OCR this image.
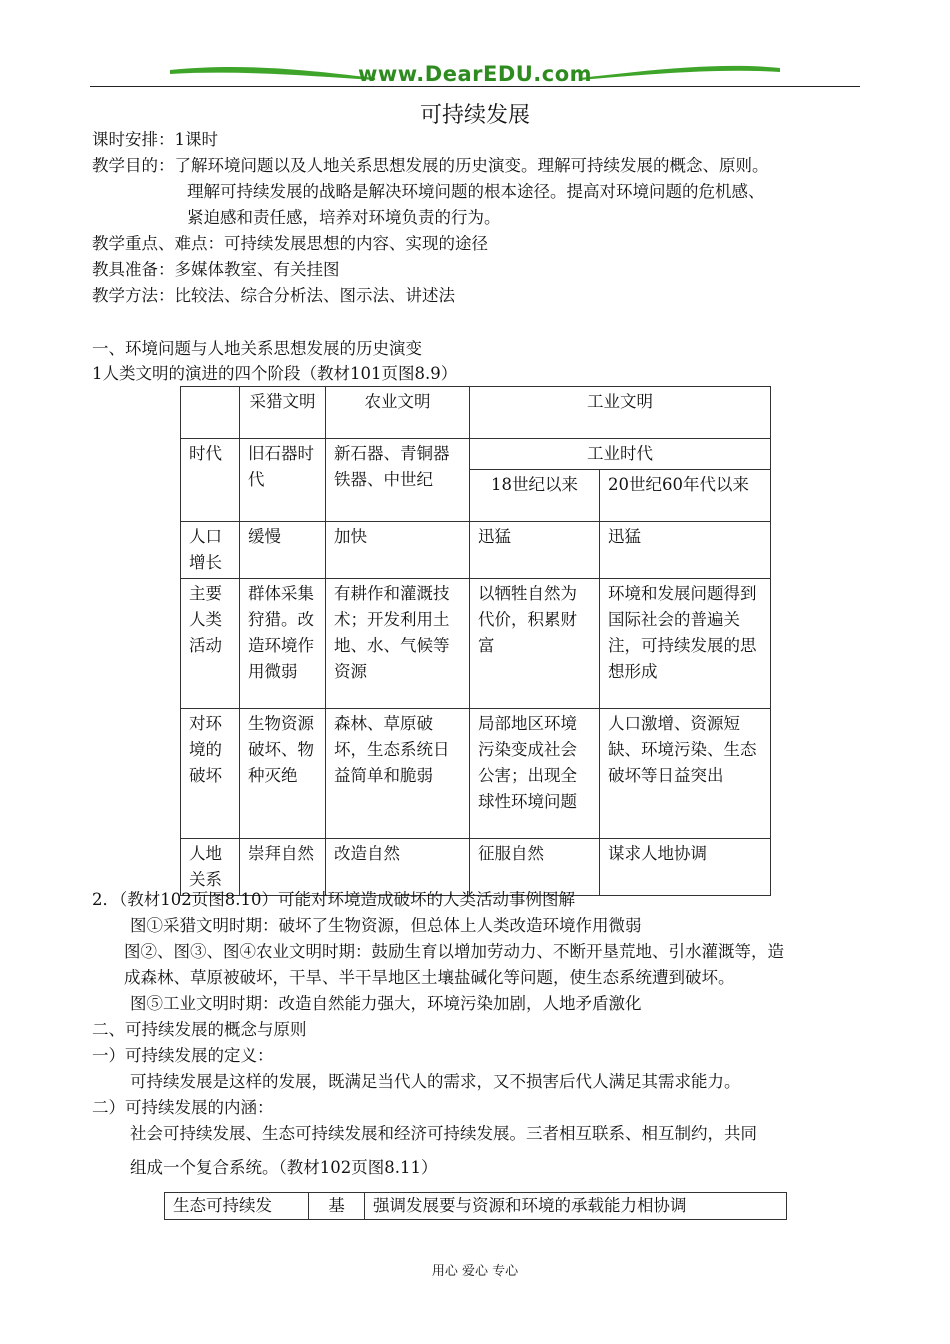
www.DearEDU.com
可持续发展
课时安排：1课时
教学目的：了解环境问题以及人地关系思想发展的历史演变。理解可持续发展的概念、原则。
理解可持续发展的战略是解决环境问题的根本途径。提高对环境问题的危机感、
紧迫感和责任感，培养对环境负责的行为。
教学重点、难点：可持续发展思想的内容、实现的途径
教具准备：多媒体教室、有关挂图
教学方法：比较法、综合分析法、图示法、讲述法
一、环境问题与人地关系思想发展的历史演变
1人类文明的演进的四个阶段（教材101页图8.9）
	采猎文明	农业文明	工业文明	
时代	旧石器时代	新石器、青铜器铁器、中世纪	工业时代	
			18世纪以来	20世纪60年代以来
人口增长	缓慢	加快	迅猛	迅猛
主要人类活动	群体采集狩猎。改造环境作用微弱	有耕作和灌溉技术；开发利用土地、水、气候等资源	以牺牲自然为代价，积累财富	环境和发展问题得到国际社会的普遍关注，可持续发展的思想形成
对环境的破坏	生物资源破坏、物种灭绝	森林、草原破坏，生态系统日益简单和脆弱	局部地区环境污染变成社会公害；出现全球性环境问题	人口激增、资源短缺、环境污染、生态破坏等日益突出
人地关系	崇拜自然	改造自然	征服自然	谋求人地协调
2．（教材102页图8.10）可能对环境造成破坏的人类活动事例图解
图①采猎文明时期：破坏了生物资源，但总体上人类改造环境作用微弱
图②、图③、图④农业文明时期：鼓励生育以增加劳动力、不断开垦荒地、引水灌溉等，造
成森林、草原被破坏，干旱、半干旱地区土壤盐碱化等问题，使生态系统遭到破坏。
图⑤工业文明时期：改造自然能力强大，环境污染加剧，人地矛盾激化
二、可持续发展的概念与原则
一）可持续发展的定义：
可持续发展是这样的发展，既满足当代人的需求，又不损害后代人满足其需求能力。
二）可持续发展的内涵：
社会可持续发展、生态可持续发展和经济可持续发展。三者相互联系、相互制约，共同
组成一个复合系统。（教材102页图8.11）
生态可持续发	基	强调发展要与资源和环境的承载能力相协调
用心 爱心 专心
